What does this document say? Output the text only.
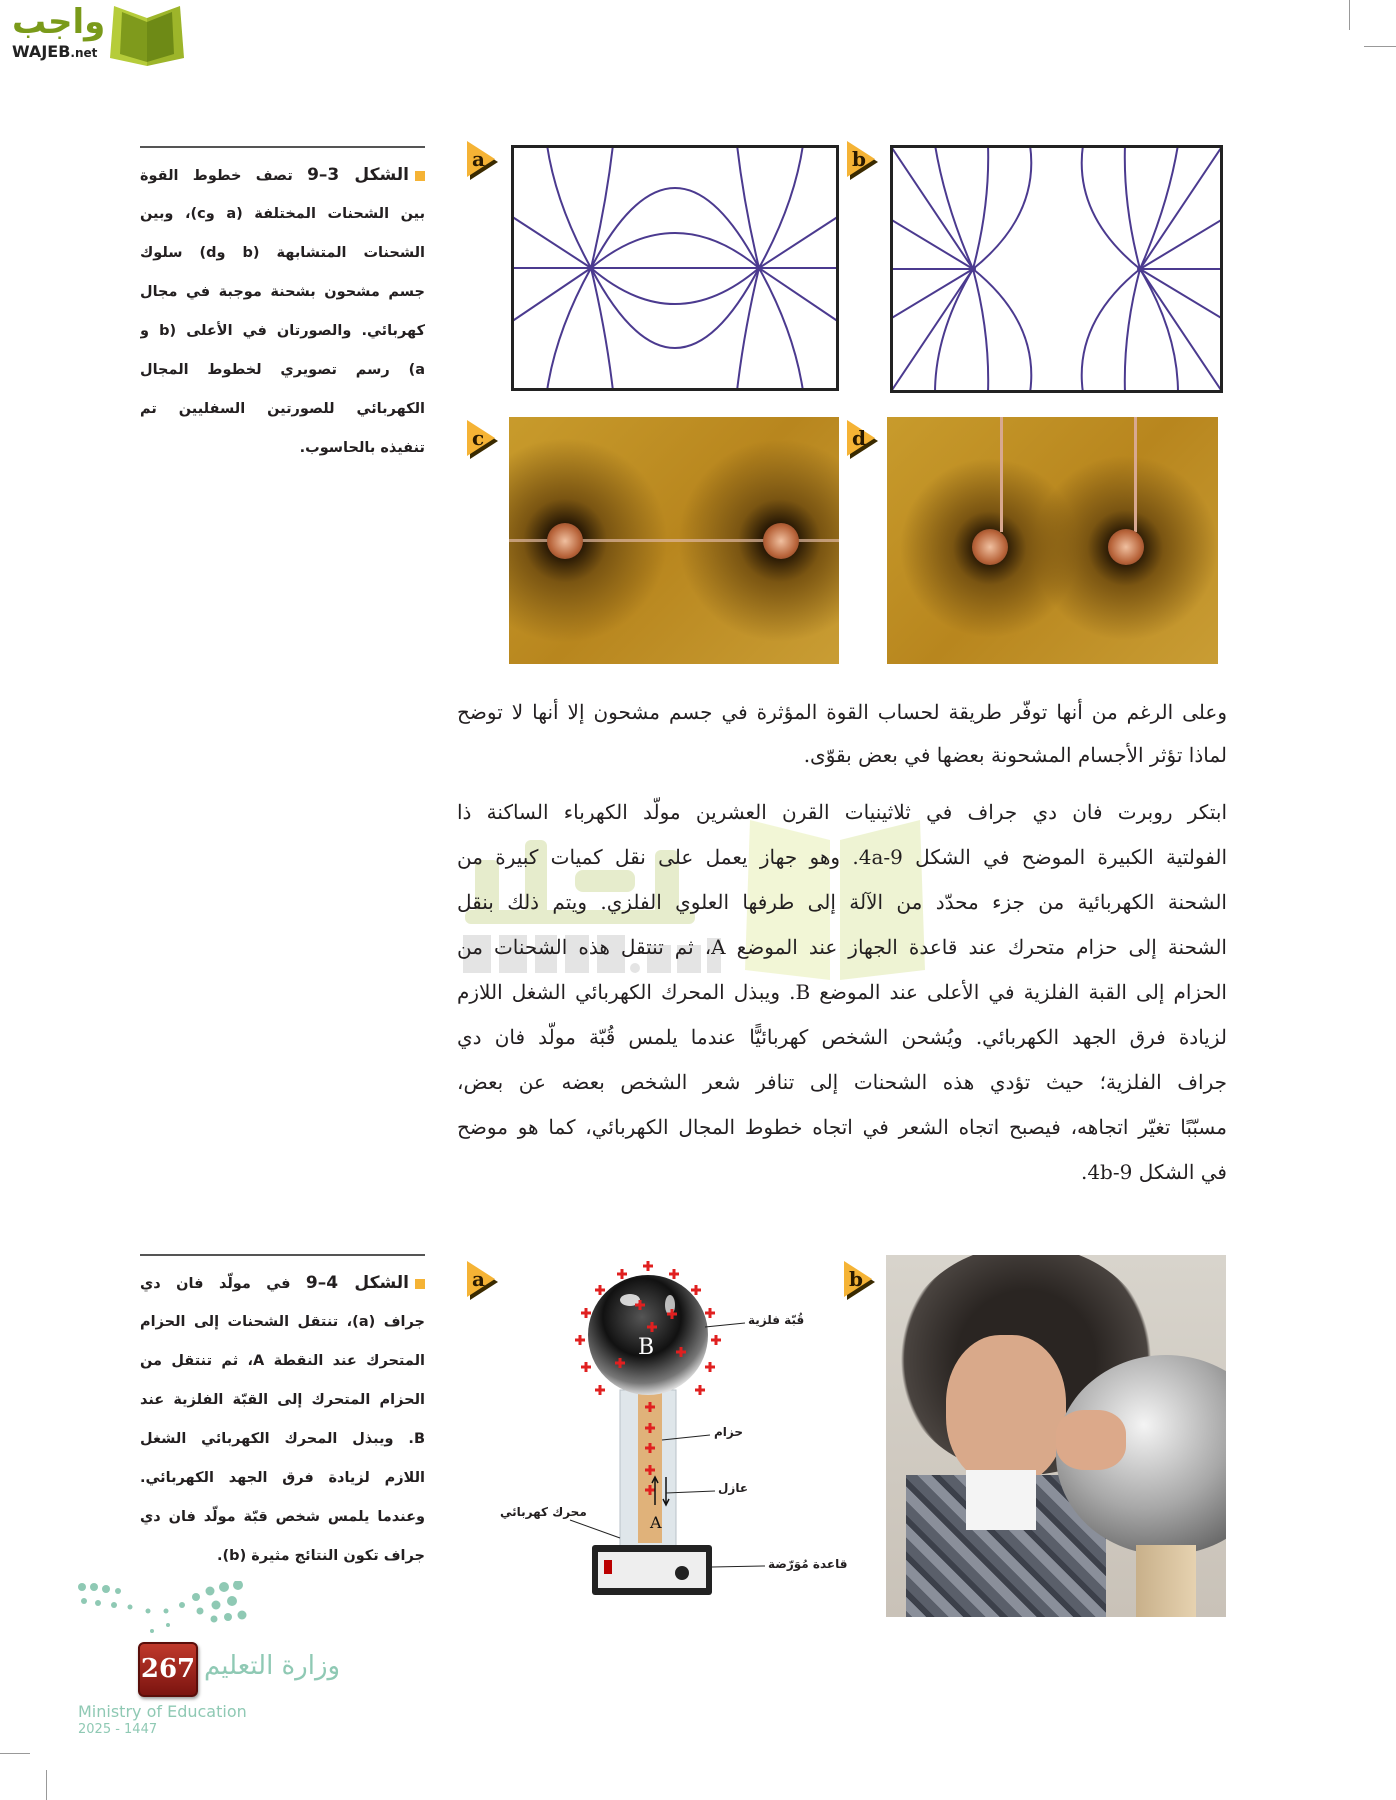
واجب
WAJEB.net
الشكل 3–9 تصف خطوط القوة
بين الشحنات المختلفة (a وc)، وبين
الشحنات المتشابهة (b وd) سلوك
جسم مشحون بشحنة موجبة في مجال
كهربائي. والصورتان في الأعلى (b و
a) رسم تصويري لخطوط المجال
الكهربائي للصورتين السفليين تم
تنفيذه بالحاسوب.
a	b
c	d
وعلى الرغم من أنها توفّر طريقة لحساب القوة المؤثرة في جسم مشحون إلا أنها لا توضح
لماذا تؤثر الأجسام المشحونة بعضها في بعض بقوّى.
ابتكر روبرت فان دي جراف في ثلاثينيات القرن العشرين مولّد الكهرباء الساكنة ذا
الفولتية الكبيرة الموضح في الشكل 9-4a. وهو جهاز يعمل على نقل كميات كبيرة من
الشحنة الكهربائية من جزء محدّد من الآلة إلى طرفها العلوي الفلزي. ويتم ذلك بنقل
الشحنة إلى حزام متحرك عند قاعدة الجهاز عند الموضع A، ثم تنتقل هذه الشحنات من
الحزام إلى القبة الفلزية في الأعلى عند الموضع B. ويبذل المحرك الكهربائي الشغل اللازم
لزيادة فرق الجهد الكهربائي. ويُشحن الشخص كهربائيًّا عندما يلمس قُبّة مولّد فان دي
جراف الفلزية؛ حيث تؤدي هذه الشحنات إلى تنافر شعر الشخص بعضه عن بعض،
مسبّبًا تغيّر اتجاهه، فيصبح اتجاه الشعر في اتجاه خطوط المجال الكهربائي، كما هو موضح
في الشكل 9-4b.
الشكل 4–9 في مولّد فان دي
جراف (a)، تنتقل الشحنات إلى الحزام
المتحرك عند النقطة A، ثم تنتقل من
الحزام المتحرك إلى القبّة الفلزية عند
B. ويبذل المحرك الكهربائي الشغل
اللازم لزيادة فرق الجهد الكهربائي.
وعندما يلمس شخص قبّة مولّد فان دي
جراف تكون النتائج مثيرة (b).
a	b
B
A
قُبّة فلزية
حزام
عازل
محرك كهربائي
قاعدة مُوَرّضة
وزارة التعليم
Ministry of Education
2025 - 1447
267
